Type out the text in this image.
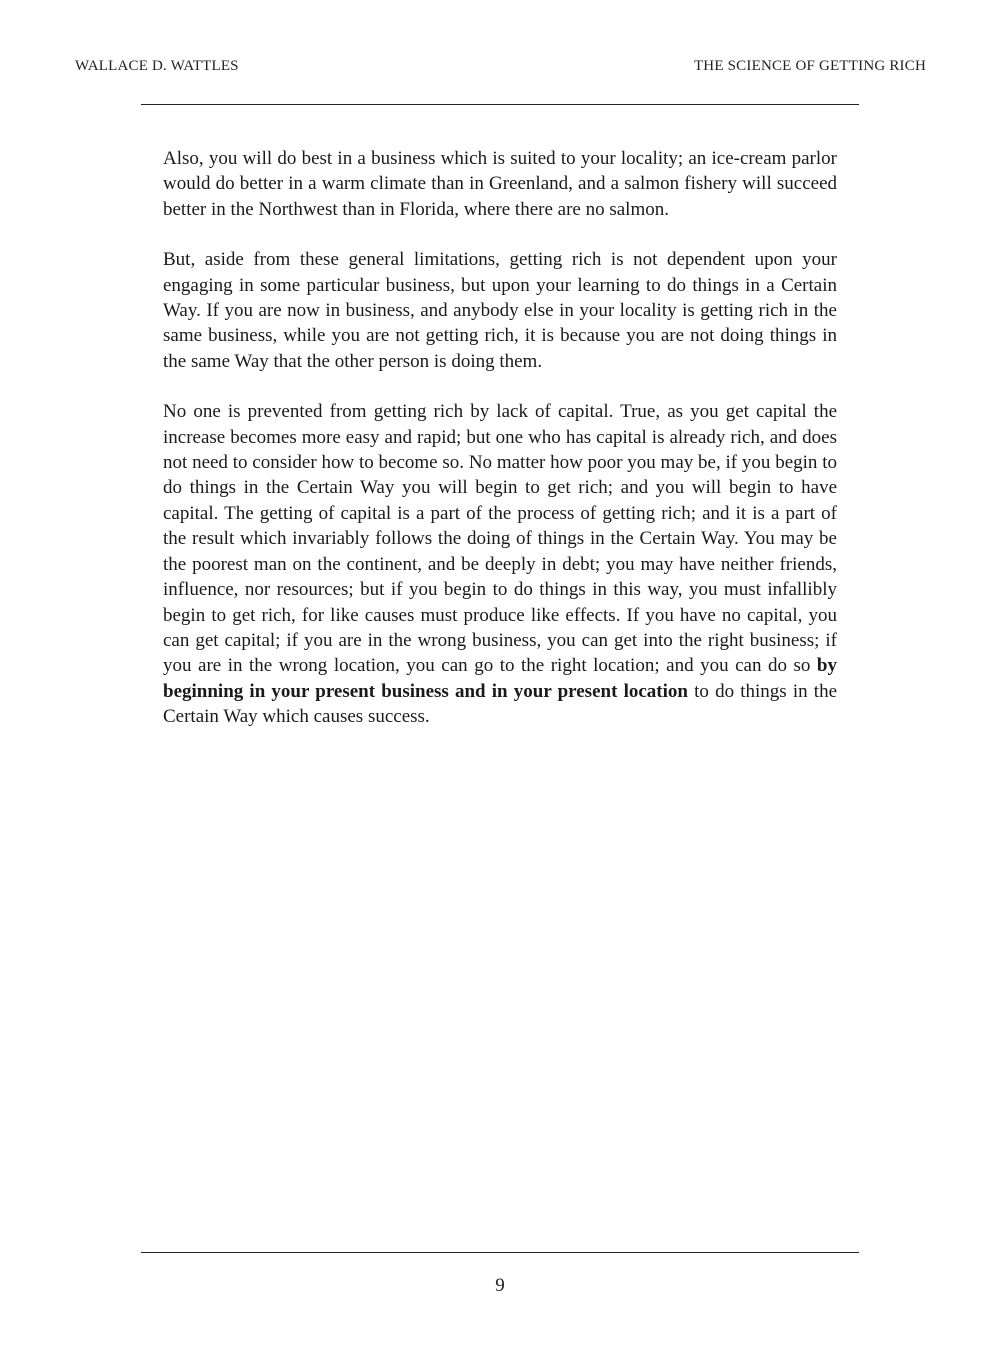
WALLACE D. WATTLES	THE SCIENCE OF GETTING RICH

Also, you will do best in a business which is suited to your locality; an ice-cream parlor would do better in a warm climate than in Greenland, and a salmon fishery will succeed better in the Northwest than in Florida, where there are no salmon.

But, aside from these general limitations, getting rich is not dependent upon your engaging in some particular business, but upon your learning to do things in a Certain Way. If you are now in business, and anybody else in your locality is getting rich in the same business, while you are not getting rich, it is because you are not doing things in the same Way that the other person is doing them.

No one is prevented from getting rich by lack of capital. True, as you get capital the increase becomes more easy and rapid; but one who has capital is already rich, and does not need to consider how to become so. No matter how poor you may be, if you begin to do things in the Certain Way you will begin to get rich; and you will begin to have capital. The getting of capital is a part of the process of getting rich; and it is a part of the result which invariably follows the doing of things in the Certain Way. You may be the poorest man on the continent, and be deeply in debt; you may have neither friends, influence, nor resources; but if you begin to do things in this way, you must infallibly begin to get rich, for like causes must produce like effects. If you have no capital, you can get capital; if you are in the wrong business, you can get into the right business; if you are in the wrong location, you can go to the right location; and you can do so by beginning in your present business and in your present location to do things in the Certain Way which causes success.

9
